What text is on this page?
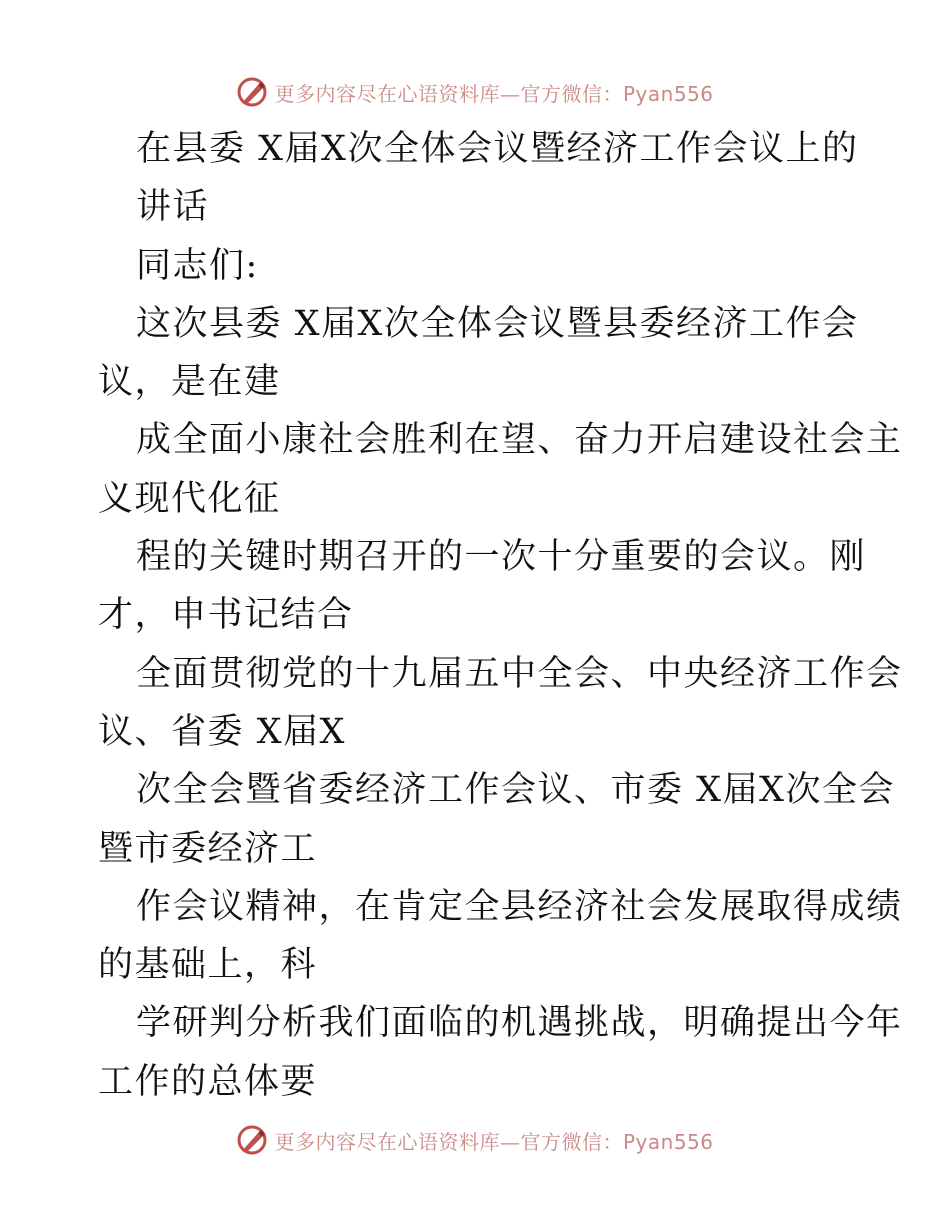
更多内容尽在心语资料库—官方微信：Pyan556
在县委 X届X次全体会议暨经济工作会议上的
讲话
同志们:
这次县委 X届X次全体会议暨县委经济工作会
议，是在建
成全面小康社会胜利在望、奋力开启建设社会主
义现代化征
程的关键时期召开的一次十分重要的会议。刚
才，申书记结合
全面贯彻党的十九届五中全会、中央经济工作会
议、省委 X届X
次全会暨省委经济工作会议、市委 X届X次全会
暨市委经济工
作会议精神，在肯定全县经济社会发展取得成绩
的基础上，科
学研判分析我们面临的机遇挑战，明确提出今年
工作的总体要
更多内容尽在心语资料库—官方微信：Pyan556
